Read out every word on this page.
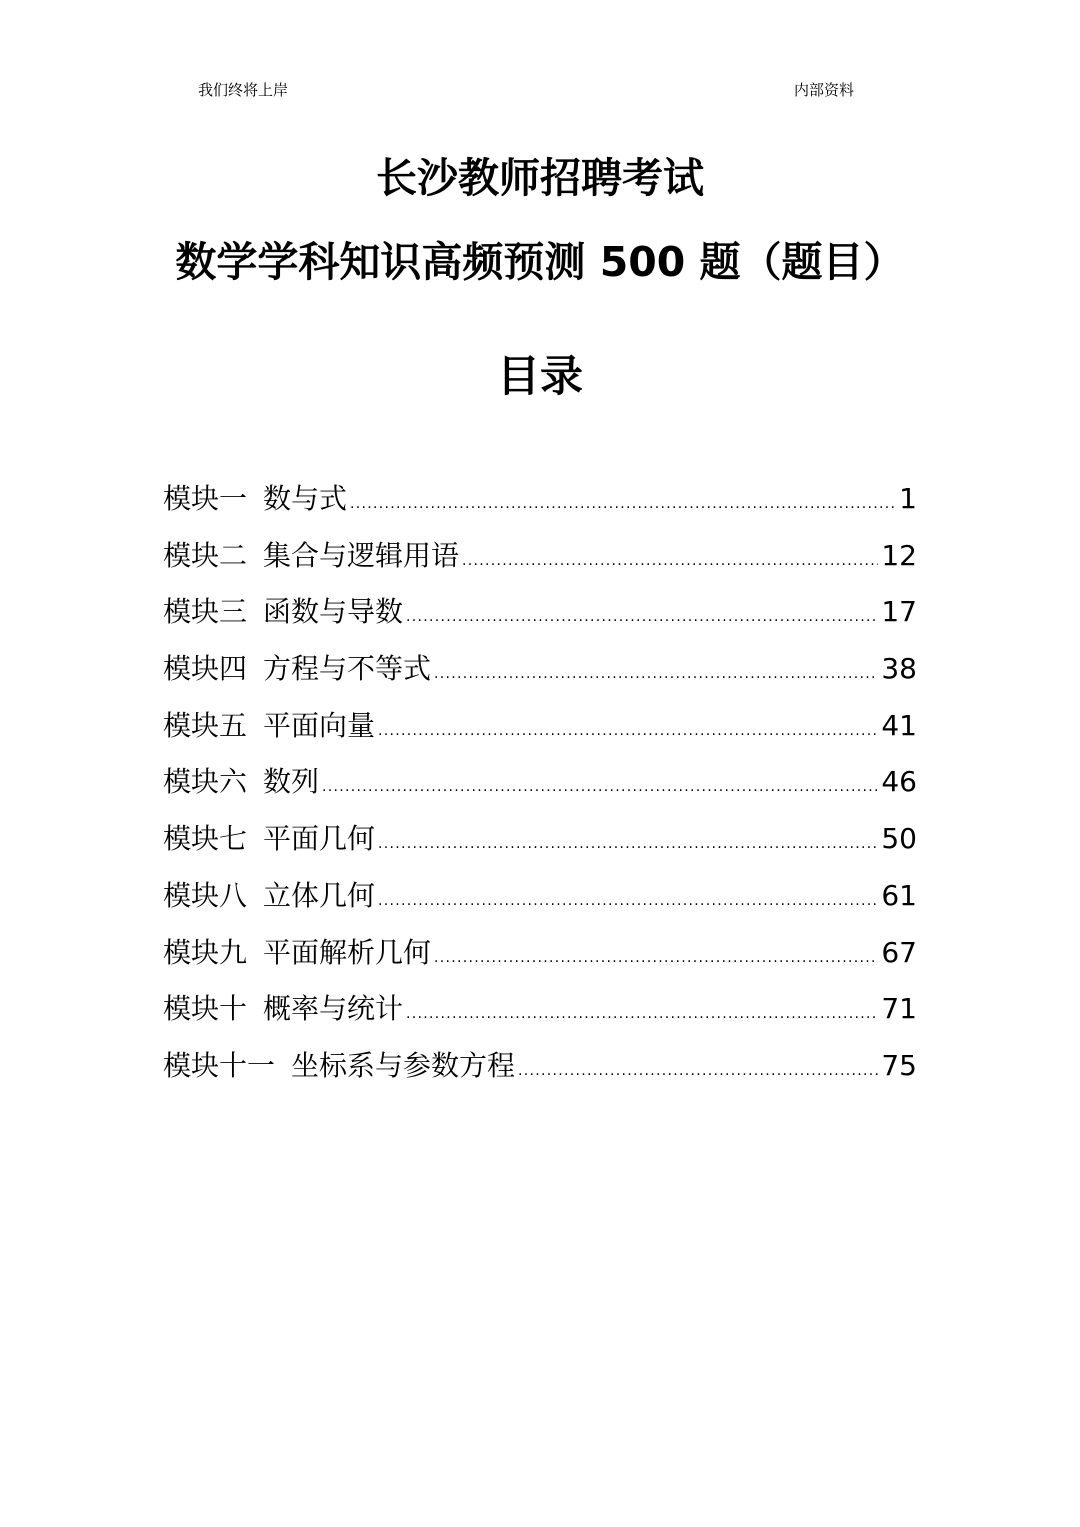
我们终将上岸	内部资料
长沙教师招聘考试
数学学科知识高频预测 500 题（题目）
目录
模块一 数与式 .....	1
模块二 集合与逻辑用语 .....	12
模块三 函数与导数 .....	17
模块四 方程与不等式 .....	38
模块五 平面向量 .....	41
模块六 数列 .....	46
模块七 平面几何 .....	50
模块八 立体几何 .....	61
模块九 平面解析几何 .....	67
模块十 概率与统计 .....	71
模块十一 坐标系与参数方程 .....	75
